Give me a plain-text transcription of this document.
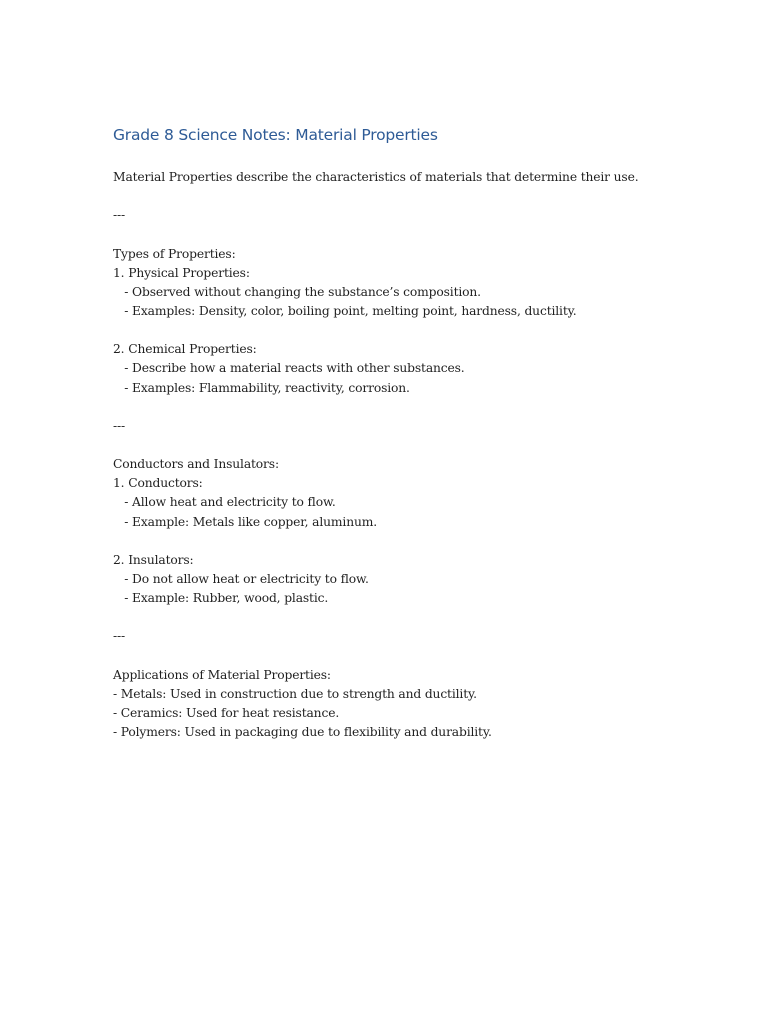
Grade 8 Science Notes: Material Properties
Material Properties describe the characteristics of materials that determine their use.

---

Types of Properties:
1. Physical Properties:
- Observed without changing the substance’s composition.
- Examples: Density, color, boiling point, melting point, hardness, ductility.

2. Chemical Properties:
- Describe how a material reacts with other substances.
- Examples: Flammability, reactivity, corrosion.

---

Conductors and Insulators:
1. Conductors:
- Allow heat and electricity to flow.
- Example: Metals like copper, aluminum.

2. Insulators:
- Do not allow heat or electricity to flow.
- Example: Rubber, wood, plastic.

---

Applications of Material Properties:
- Metals: Used in construction due to strength and ductility.
- Ceramics: Used for heat resistance.
- Polymers: Used in packaging due to flexibility and durability.
